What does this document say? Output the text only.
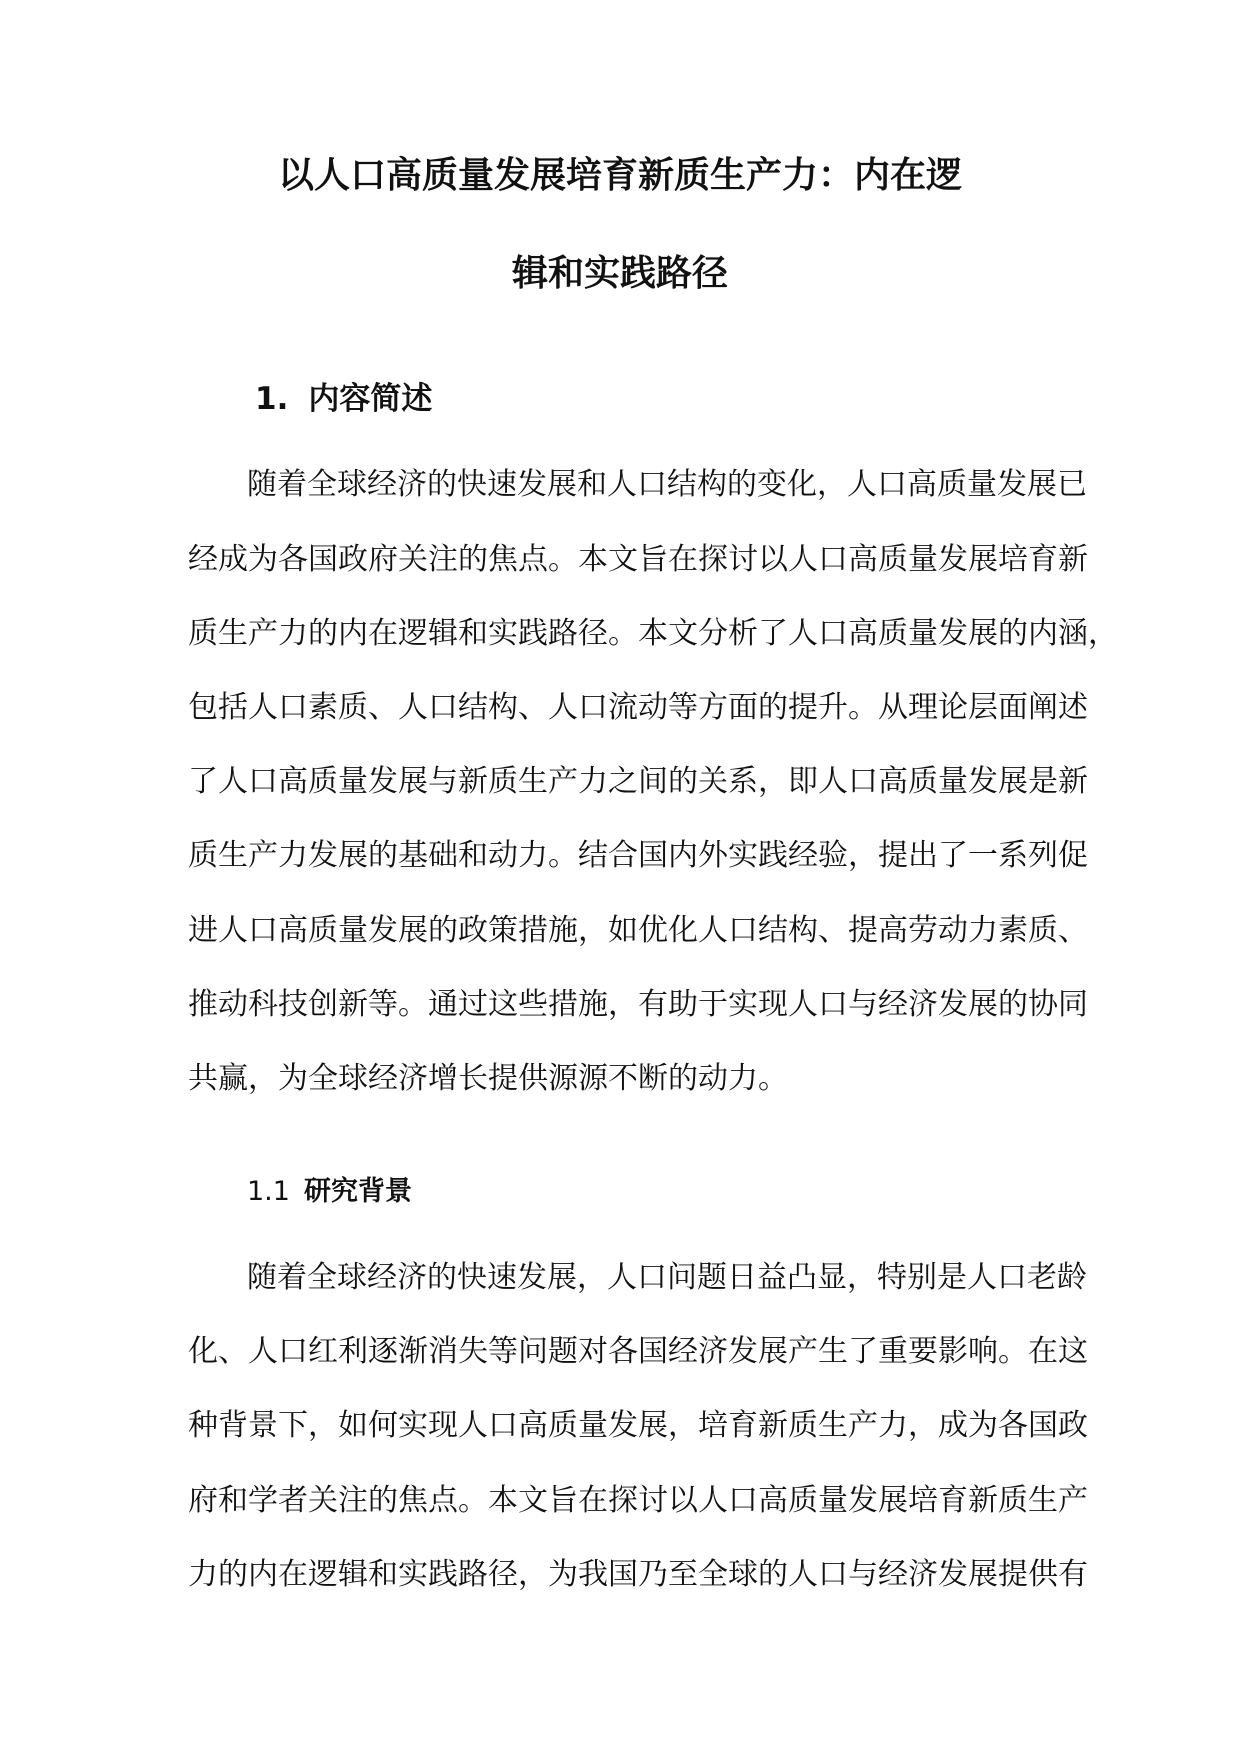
以人口高质量发展培育新质生产力：内在逻
辑和实践路径
1. 内容简述

随着全球经济的快速发展和人口结构的变化，人口高质量发展已

经成为各国政府关注的焦点。本文旨在探讨以人口高质量发展培育新

质生产力的内在逻辑和实践路径。本文分析了人口高质量发展的内涵，

包括人口素质、人口结构、人口流动等方面的提升。从理论层面阐述

了人口高质量发展与新质生产力之间的关系，即人口高质量发展是新

质生产力发展的基础和动力。结合国内外实践经验，提出了一系列促

进人口高质量发展的政策措施，如优化人口结构、提高劳动力素质、

推动科技创新等。通过这些措施，有助于实现人口与经济发展的协同

共赢，为全球经济增长提供源源不断的动力。

1.1 研究背景

随着全球经济的快速发展，人口问题日益凸显，特别是人口老龄

化、人口红利逐渐消失等问题对各国经济发展产生了重要影响。在这

种背景下，如何实现人口高质量发展，培育新质生产力，成为各国政

府和学者关注的焦点。本文旨在探讨以人口高质量发展培育新质生产

力的内在逻辑和实践路径，为我国乃至全球的人口与经济发展提供有
